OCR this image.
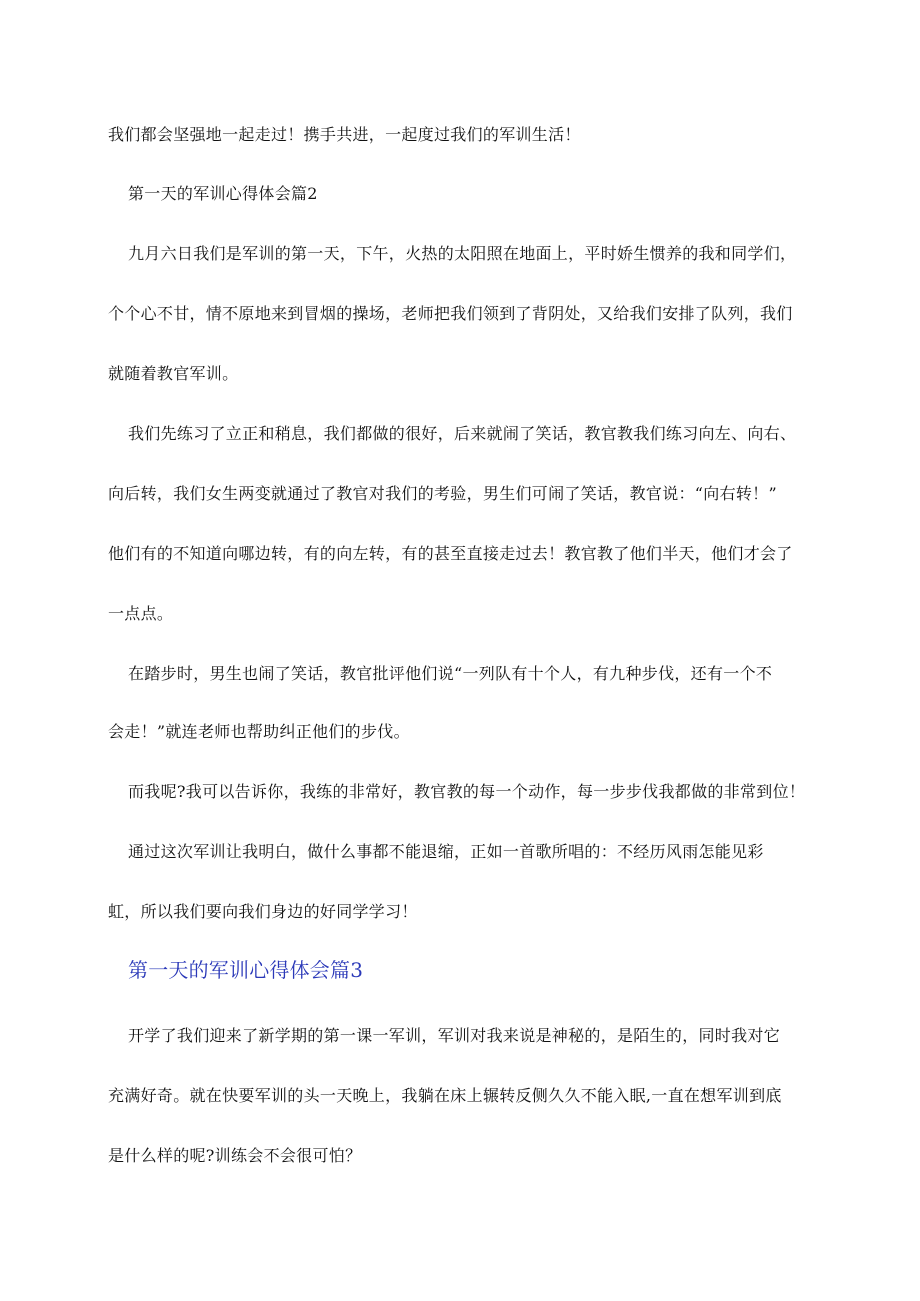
我们都会坚强地一起走过！携手共进，一起度过我们的军训生活！
第一天的军训心得体会篇2
九月六日我们是军训的第一天，下午，火热的太阳照在地面上，平时娇生惯养的我和同学们，
个个心不甘，情不原地来到冒烟的操场，老师把我们领到了背阴处，又给我们安排了队列，我们
就随着教官军训。
我们先练习了立正和稍息，我们都做的很好，后来就闹了笑话，教官教我们练习向左、向右、
向后转，我们女生两变就通过了教官对我们的考验，男生们可闹了笑话，教官说：“向右转！”
他们有的不知道向哪边转，有的向左转，有的甚至直接走过去！教官教了他们半天，他们才会了
一点点。
在踏步时，男生也闹了笑话，教官批评他们说“一列队有十个人，有九种步伐，还有一个不
会走！”就连老师也帮助纠正他们的步伐。
而我呢?我可以告诉你，我练的非常好，教官教的每一个动作，每一步步伐我都做的非常到位！
通过这次军训让我明白，做什么事都不能退缩，正如一首歌所唱的：不经历风雨怎能见彩
虹，所以我们要向我们身边的好同学学习！
第一天的军训心得体会篇3
开学了我们迎来了新学期的第一课一军训，军训对我来说是神秘的，是陌生的，同时我对它
充满好奇。就在快要军训的头一天晚上，我躺在床上辗转反侧久久不能入眠,一直在想军训到底
是什么样的呢?训练会不会很可怕？
